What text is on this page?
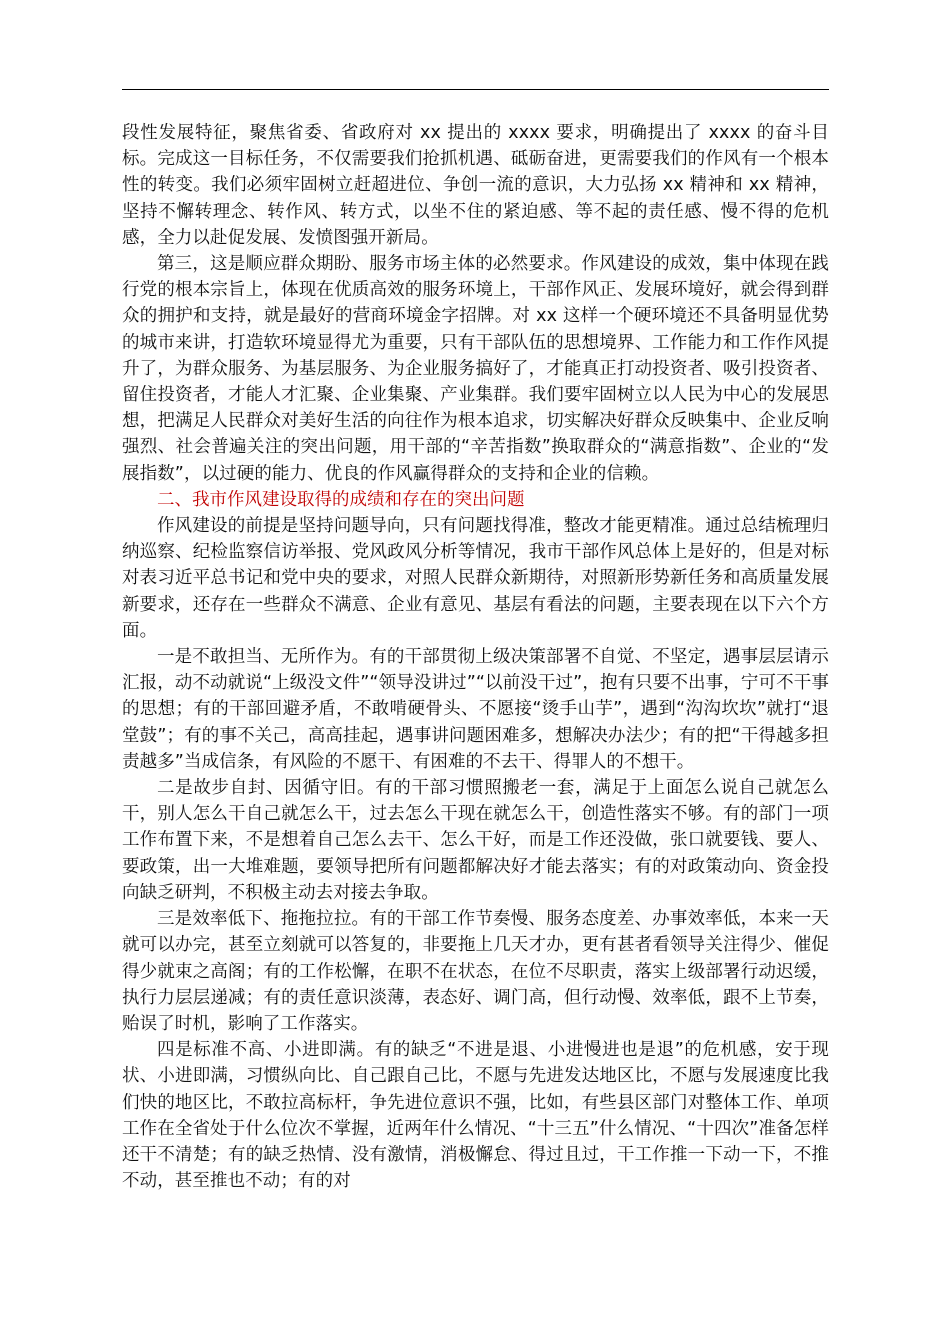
段性发展特征，聚焦省委、省政府对 xx 提出的 xxxx 要求，明确提出了 xxxx 的奋斗目标。完成这一目标任务，不仅需要我们抢抓机遇、砥砺奋进，更需要我们的作风有一个根本性的转变。我们必须牢固树立赶超进位、争创一流的意识，大力弘扬 xx 精神和 xx 精神，坚持不懈转理念、转作风、转方式，以坐不住的紧迫感、等不起的责任感、慢不得的危机感，全力以赴促发展、发愤图强开新局。

第三，这是顺应群众期盼、服务市场主体的必然要求。作风建设的成效，集中体现在践行党的根本宗旨上，体现在优质高效的服务环境上，干部作风正、发展环境好，就会得到群众的拥护和支持，就是最好的营商环境金字招牌。对 xx 这样一个硬环境还不具备明显优势的城市来讲，打造软环境显得尤为重要，只有干部队伍的思想境界、工作能力和工作作风提升了，为群众服务、为基层服务、为企业服务搞好了，才能真正打动投资者、吸引投资者、留住投资者，才能人才汇聚、企业集聚、产业集群。我们要牢固树立以人民为中心的发展思想，把满足人民群众对美好生活的向往作为根本追求，切实解决好群众反映集中、企业反响强烈、社会普遍关注的突出问题，用干部的“辛苦指数”换取群众的“满意指数”、企业的“发展指数”，以过硬的能力、优良的作风赢得群众的支持和企业的信赖。

二、我市作风建设取得的成绩和存在的突出问题

作风建设的前提是坚持问题导向，只有问题找得准，整改才能更精准。通过总结梳理归纳巡察、纪检监察信访举报、党风政风分析等情况，我市干部作风总体上是好的，但是对标对表习近平总书记和党中央的要求，对照人民群众新期待，对照新形势新任务和高质量发展新要求，还存在一些群众不满意、企业有意见、基层有看法的问题，主要表现在以下六个方面。

一是不敢担当、无所作为。有的干部贯彻上级决策部署不自觉、不坚定，遇事层层请示汇报，动不动就说“上级没文件”“领导没讲过”“以前没干过”，抱有只要不出事，宁可不干事的思想；有的干部回避矛盾，不敢啃硬骨头、不愿接“烫手山芋”，遇到“沟沟坎坎”就打“退堂鼓”；有的事不关己，高高挂起，遇事讲问题困难多，想解决办法少；有的把“干得越多担责越多”当成信条，有风险的不愿干、有困难的不去干、得罪人的不想干。

二是故步自封、因循守旧。有的干部习惯照搬老一套，满足于上面怎么说自己就怎么干，别人怎么干自己就怎么干，过去怎么干现在就怎么干，创造性落实不够。有的部门一项工作布置下来，不是想着自己怎么去干、怎么干好，而是工作还没做，张口就要钱、要人、要政策，出一大堆难题，要领导把所有问题都解决好才能去落实；有的对政策动向、资金投向缺乏研判，不积极主动去对接去争取。

三是效率低下、拖拖拉拉。有的干部工作节奏慢、服务态度差、办事效率低，本来一天就可以办完，甚至立刻就可以答复的，非要拖上几天才办，更有甚者看领导关注得少、催促得少就束之高阁；有的工作松懈，在职不在状态，在位不尽职责，落实上级部署行动迟缓，执行力层层递减；有的责任意识淡薄，表态好、调门高，但行动慢、效率低，跟不上节奏，贻误了时机，影响了工作落实。

四是标准不高、小进即满。有的缺乏“不进是退、小进慢进也是退”的危机感，安于现状、小进即满，习惯纵向比、自己跟自己比，不愿与先进发达地区比，不愿与发展速度比我们快的地区比，不敢拉高标杆，争先进位意识不强，比如，有些县区部门对整体工作、单项工作在全省处于什么位次不掌握，近两年什么情况、“十三五”什么情况、“十四次”准备怎样还干不清楚；有的缺乏热情、没有激情，消极懈怠、得过且过，干工作推一下动一下，不推不动，甚至推也不动；有的对
